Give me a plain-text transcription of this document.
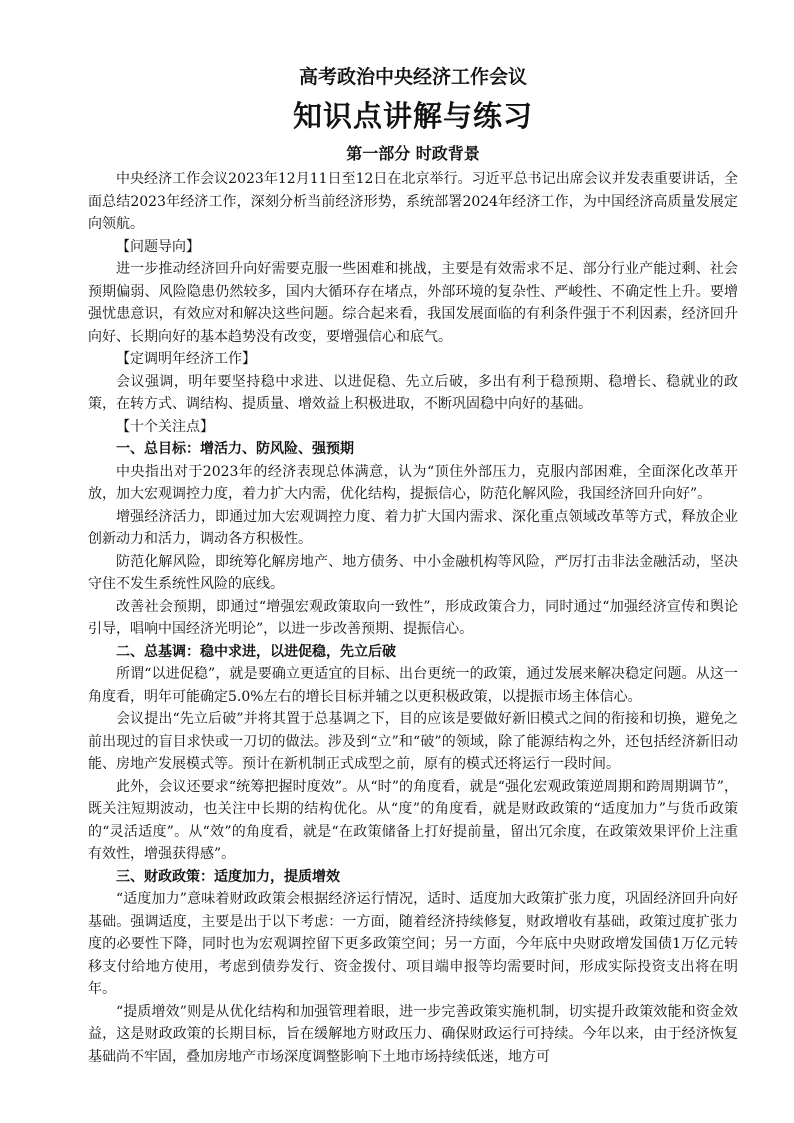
高考政治中央经济工作会议
知识点讲解与练习
第一部分 时政背景

中央经济工作会议2023年12月11日至12日在北京举行。习近平总书记出席会议并发表重要讲话，全面总结2023年经济工作，深刻分析当前经济形势，系统部署2024年经济工作，为中国经济高质量发展定向领航。

【问题导向】

进一步推动经济回升向好需要克服一些困难和挑战，主要是有效需求不足、部分行业产能过剩、社会预期偏弱、风险隐患仍然较多，国内大循环存在堵点，外部环境的复杂性、严峻性、不确定性上升。要增强忧患意识，有效应对和解决这些问题。综合起来看，我国发展面临的有利条件强于不利因素，经济回升向好、长期向好的基本趋势没有改变，要增强信心和底气。

【定调明年经济工作】

会议强调，明年要坚持稳中求进、以进促稳、先立后破，多出有利于稳预期、稳增长、稳就业的政策，在转方式、调结构、提质量、增效益上积极进取，不断巩固稳中向好的基础。

【十个关注点】

一、总目标：增活力、防风险、强预期

中央指出对于2023年的经济表现总体满意，认为“顶住外部压力，克服内部困难，全面深化改革开放，加大宏观调控力度，着力扩大内需，优化结构，提振信心，防范化解风险，我国经济回升向好”。

增强经济活力，即通过加大宏观调控力度、着力扩大国内需求、深化重点领域改革等方式，释放企业创新动力和活力，调动各方积极性。

防范化解风险，即统筹化解房地产、地方债务、中小金融机构等风险，严厉打击非法金融活动，坚决守住不发生系统性风险的底线。

改善社会预期，即通过“增强宏观政策取向一致性”，形成政策合力，同时通过“加强经济宣传和舆论引导，唱响中国经济光明论”，以进一步改善预期、提振信心。

二、总基调：稳中求进，以进促稳，先立后破

所谓“以进促稳”，就是要确立更适宜的目标、出台更统一的政策，通过发展来解决稳定问题。从这一角度看，明年可能确定5.0%左右的增长目标并辅之以更积极政策，以提振市场主体信心。

会议提出“先立后破”并将其置于总基调之下，目的应该是要做好新旧模式之间的衔接和切换，避免之前出现过的盲目求快或一刀切的做法。涉及到“立”和“破”的领域，除了能源结构之外，还包括经济新旧动能、房地产发展模式等。预计在新机制正式成型之前，原有的模式还将运行一段时间。

此外，会议还要求“统筹把握时度效”。从“时”的角度看，就是“强化宏观政策逆周期和跨周期调节”，既关注短期波动，也关注中长期的结构优化。从“度”的角度看，就是财政政策的“适度加力”与货币政策的“灵活适度”。从“效”的角度看，就是“在政策储备上打好提前量，留出冗余度，在政策效果评价上注重有效性，增强获得感”。

三、财政政策：适度加力，提质增效

“适度加力”意味着财政政策会根据经济运行情况，适时、适度加大政策扩张力度，巩固经济回升向好基础。强调适度，主要是出于以下考虑：一方面，随着经济持续修复，财政增收有基础，政策过度扩张力度的必要性下降，同时也为宏观调控留下更多政策空间；另一方面，今年底中央财政增发国债1万亿元转移支付给地方使用，考虑到债券发行、资金拨付、项目端申报等均需要时间，形成实际投资支出将在明年。

“提质增效”则是从优化结构和加强管理着眼，进一步完善政策实施机制，切实提升政策效能和资金效益，这是财政政策的长期目标，旨在缓解地方财政压力、确保财政运行可持续。今年以来，由于经济恢复基础尚不牢固，叠加房地产市场深度调整影响下土地市场持续低迷，地方可
